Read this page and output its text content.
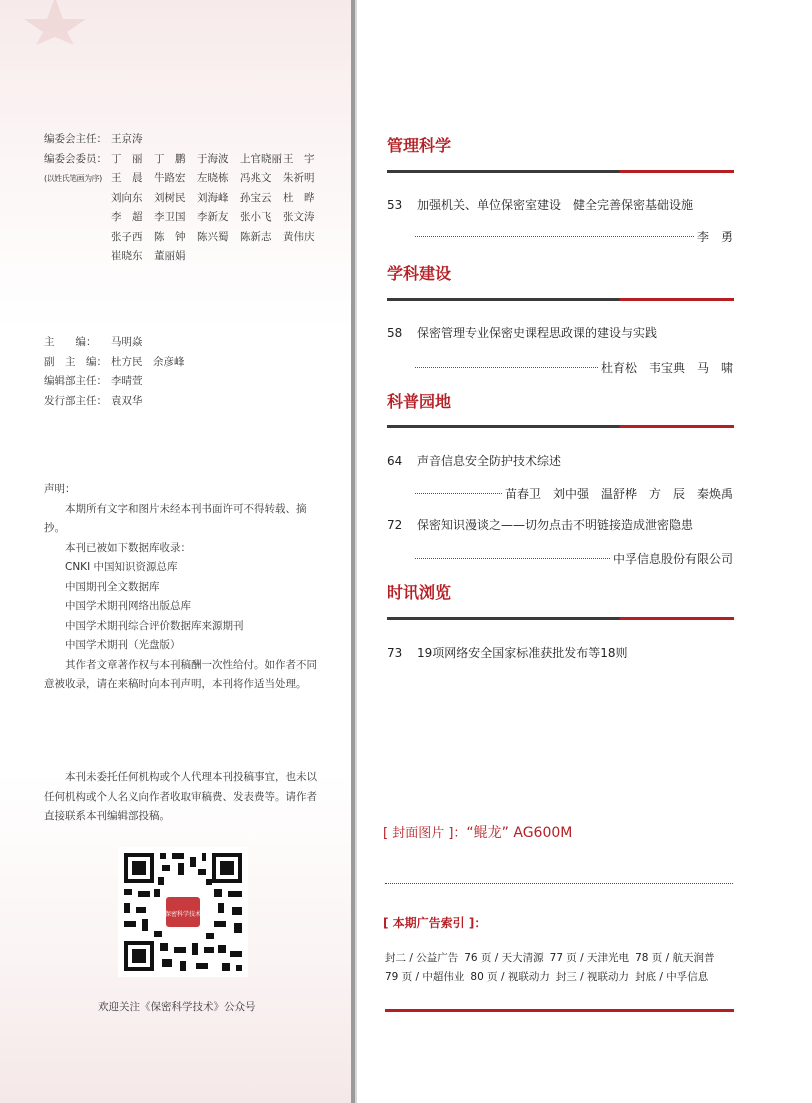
编委会主任： 王京涛
编委会委员： 丁　丽 丁　鹏 于海波 上官晓丽王　宇
(以姓氏笔画为序) 王　晨 牛路宏 左晓栋 冯兆文 朱祈明
刘向东 刘树民 刘海峰 孙宝云 杜　晔
李　超 李卫国 李新友 张小飞 张文涛
张子西 陈　钟 陈兴蜀 陈新志 黄伟庆
崔晓东 董丽娟
主　　编： 马明焱
副　主　编： 杜方民　余彦峰
编辑部主任： 李晴萱
发行部主任： 袁双华

声明：

本期所有文字和图片未经本刊书面许可不得转载、摘抄。

本刊已被如下数据库收录：

CNKI 中国知识资源总库

中国期刊全文数据库

中国学术期刊网络出版总库

中国学术期刊综合评价数据库来源期刊

中国学术期刊（光盘版）

其作者文章著作权与本刊稿酬一次性给付。如作者不同意被收录，请在来稿时向本刊声明，本刊将作适当处理。

本刊未委托任何机构或个人代理本刊投稿事宜，也未以任何机构或个人名义向作者收取审稿费、发表费等。请作者直接联系本刊编辑部投稿。

保密科学技术
欢迎关注《保密科学技术》公众号
管理科学
53 加强机关、单位保密室建设　健全完善保密基础设施
李　勇
学科建设
58 保密管理专业保密史课程思政课的建设与实践
杜育松　韦宝典　马　啸
科普园地
64 声音信息安全防护技术综述
苗春卫　刘中强　温舒桦　方　辰　秦焕禹
72 保密知识漫谈之——切勿点击不明链接造成泄密隐患
中孚信息股份有限公司
时讯浏览
73 19项网络安全国家标准获批发布等18则
[ 封面图片 ]：“鲲龙” AG600M
[ 本期广告索引 ]：
封二 / 公益广告 76 页 / 天大清源 77 页 / 天津光电 78 页 / 航天润普
79 页 / 中超伟业 80 页 / 视联动力 封三 / 视联动力 封底 / 中孚信息
